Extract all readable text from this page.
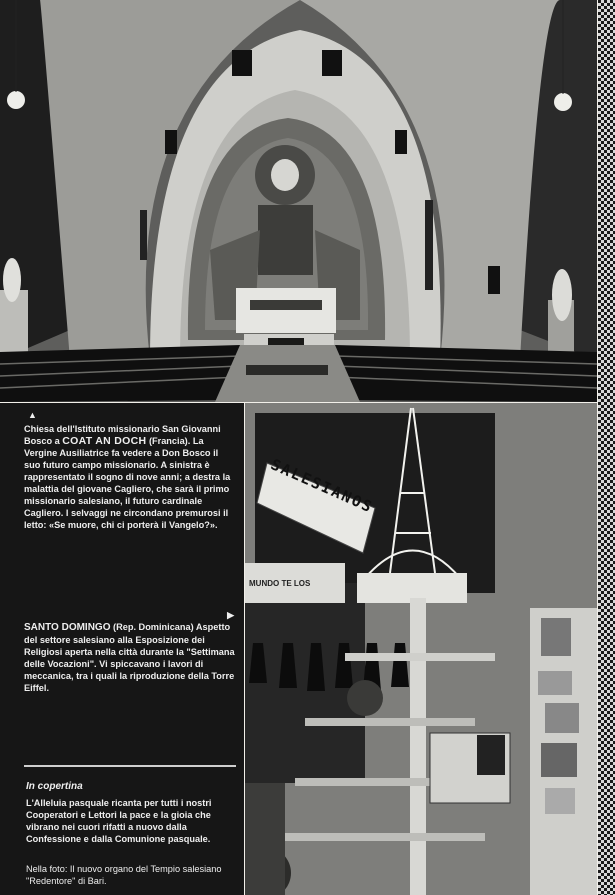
▲
Chiesa dell'Istituto missionario San Giovanni Bosco a COAT AN DOCH (Francia). La Vergine Ausiliatrice fa vedere a Don Bosco il suo futuro campo missionario. A sinistra è rappresentato il sogno di nove anni; a destra la malattia del giovane Cagliero, che sarà il primo missionario salesiano, il futuro cardinale Cagliero. I selvaggi ne circondano premurosi il letto: «Se muore, chi ci porterà il Vangelo?».
▶
SANTO DOMINGO (Rep. Dominicana) Aspetto del settore salesiano alla Esposizione dei Religiosi aperta nella città durante la "Settimana delle Vocazioni". Vi spiccavano i lavori di meccanica, tra i quali la riproduzione della Torre Eiffel.
In copertina
L'Alleluia pasquale ricanta per tutti i nostri Cooperatori e Lettori la pace e la gioia che vibrano nei cuori rifatti a nuovo dalla Confessione e dalla Comunione pasquale.
Nella foto: Il nuovo organo del Tempio salesiano "Redentore" di Bari.
SALESIANOS
MUNDO TE LOS
